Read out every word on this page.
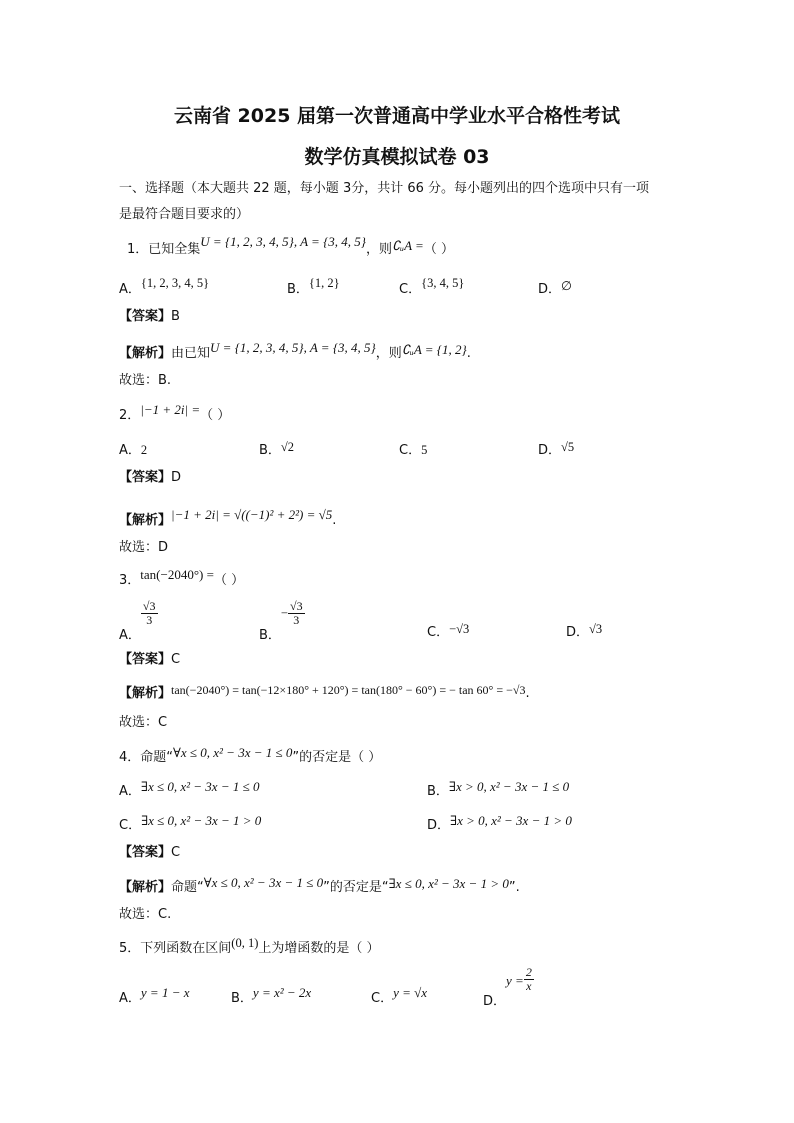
云南省 2025 届第一次普通高中学业水平合格性考试
数学仿真模拟试卷 03
一、选择题（本大题共 22 题，每小题 3分，共计 66 分。每小题列出的四个选项中只有一项
是最符合题目要求的）
1．已知全集U = {1, 2, 3, 4, 5}, A = {3, 4, 5}，则∁ᵤA =（ ）
A．{1, 2, 3, 4, 5}	B．{1, 2}	C．{3, 4, 5}	D．∅
【答案】B
【解析】由已知U = {1, 2, 3, 4, 5}, A = {3, 4, 5}，则∁ᵤA = {1, 2}.
故选：B.
2．|−1 + 2i| =（ ）
A．2	B．√2	C．5	D．√5
【答案】D
【解析】|−1 + 2i| = √((−1)² + 2²) = √5.
故选：D
3．tan(−2040°) =（ ）
A．
$\frac{√3}{3}$
B．− $\frac{√3}{3}$
C．−√3	D．√3
【答案】C
【解析】tan(−2040°) = tan(−12×180° + 120°) = tan(180° − 60°) = − tan 60° = −√3.
故选：C
4．命题“∀x ≤ 0, x² − 3x − 1 ≤ 0”的否定是（ ）
A．∃x ≤ 0, x² − 3x − 1 ≤ 0	B．∃x > 0, x² − 3x − 1 ≤ 0
C．∃x ≤ 0, x² − 3x − 1 > 0	D．∃x > 0, x² − 3x − 1 > 0
【答案】C
【解析】命题“∀x ≤ 0, x² − 3x − 1 ≤ 0”的否定是“∃x ≤ 0, x² − 3x − 1 > 0”.
故选：C.
5．下列函数在区间(0, 1)上为增函数的是（ ）
A．y = 1 − x	B．y = x² − 2x	C．y = √x
D．$y = \frac{2}{x}$
